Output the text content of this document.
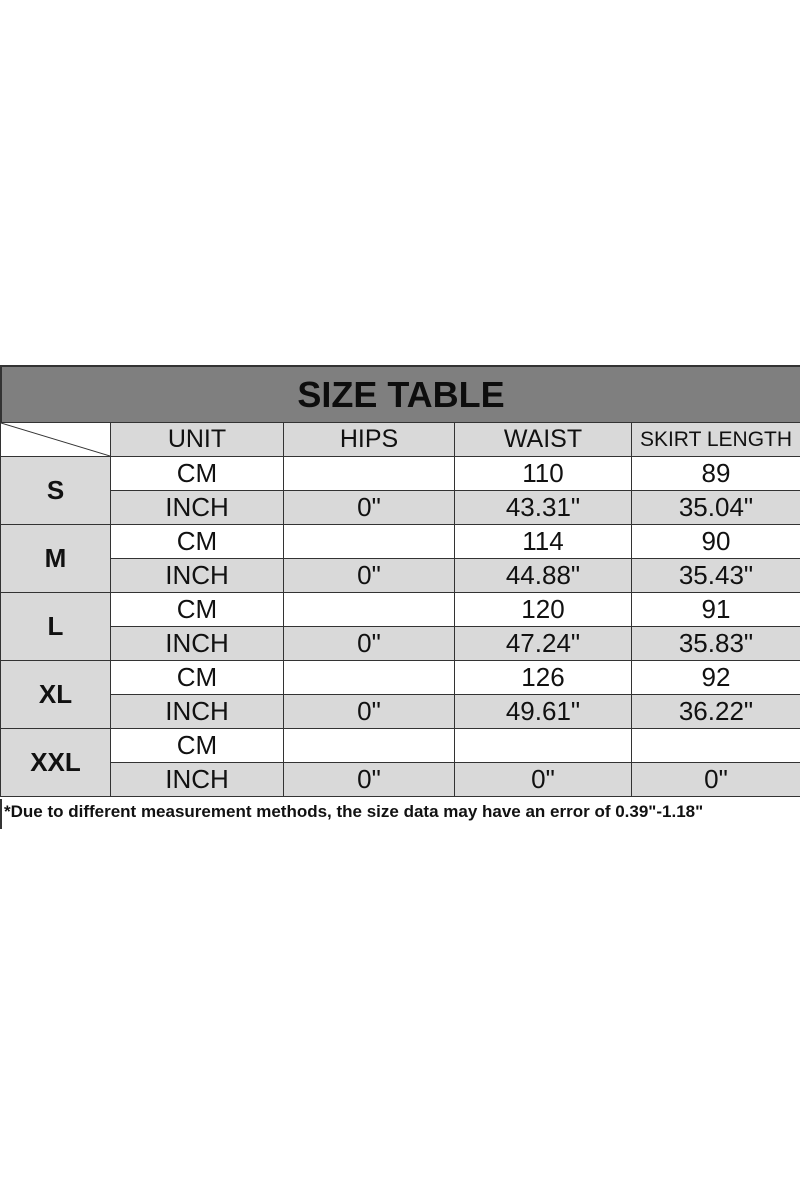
SIZE TABLE
	UNIT	HIPS	WAIST	SKIRT LENGTH
S	CM		110	89
	INCH	0"	43.31"	35.04"
M	CM		114	90
	INCH	0"	44.88"	35.43"
L	CM		120	91
	INCH	0"	47.24"	35.83"
XL	CM		126	92
	INCH	0"	49.61"	36.22"
XXL	CM			
	INCH	0"	0"	0"
*Due to different measurement methods, the size data may have an error of 0.39"-1.18"
